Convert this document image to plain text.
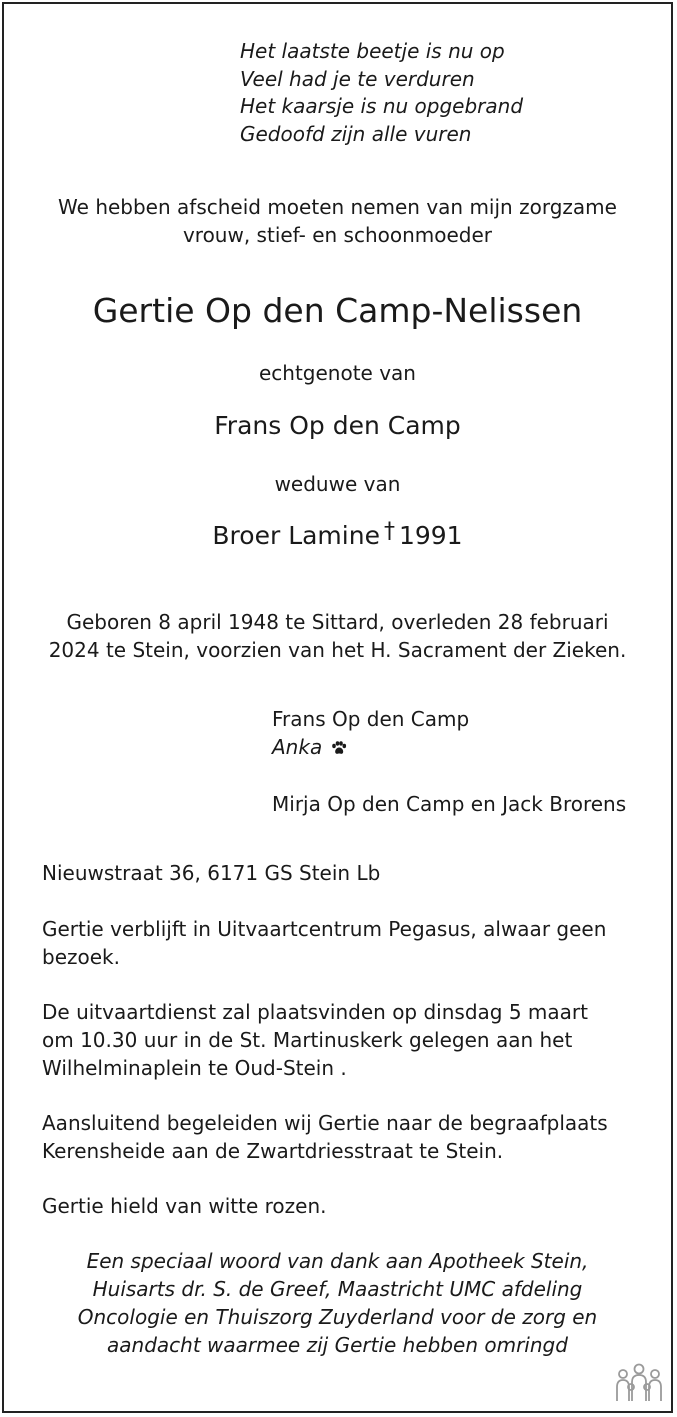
Het laatste beetje is nu op
Veel had je te verduren
Het kaarsje is nu opgebrand
Gedoofd zijn alle vuren
We hebben afscheid moeten nemen van mijn zorgzame
vrouw, stief- en schoonmoeder
Gertie Op den Camp-Nelissen
echtgenote van
Frans Op den Camp
weduwe van
Broer Lamine † 1991
Geboren 8 april 1948 te Sittard, overleden 28 februari
2024 te Stein, voorzien van het H. Sacrament der Zieken.
Frans Op den Camp
Anka
Mirja Op den Camp en Jack Brorens
Nieuwstraat 36, 6171 GS Stein Lb
Gertie verblijft in Uitvaartcentrum Pegasus, alwaar geen
bezoek.
De uitvaartdienst zal plaatsvinden op dinsdag 5 maart
om 10.30 uur in de St. Martinuskerk gelegen aan het
Wilhelminaplein te Oud-Stein .
Aansluitend begeleiden wij Gertie naar de begraafplaats
Kerensheide aan de Zwartdriesstraat te Stein.
Gertie hield van witte rozen.
Een speciaal woord van dank aan Apotheek Stein,
Huisarts dr. S. de Greef, Maastricht UMC afdeling
Oncologie en Thuiszorg Zuyderland voor de zorg en
aandacht waarmee zij Gertie hebben omringd
